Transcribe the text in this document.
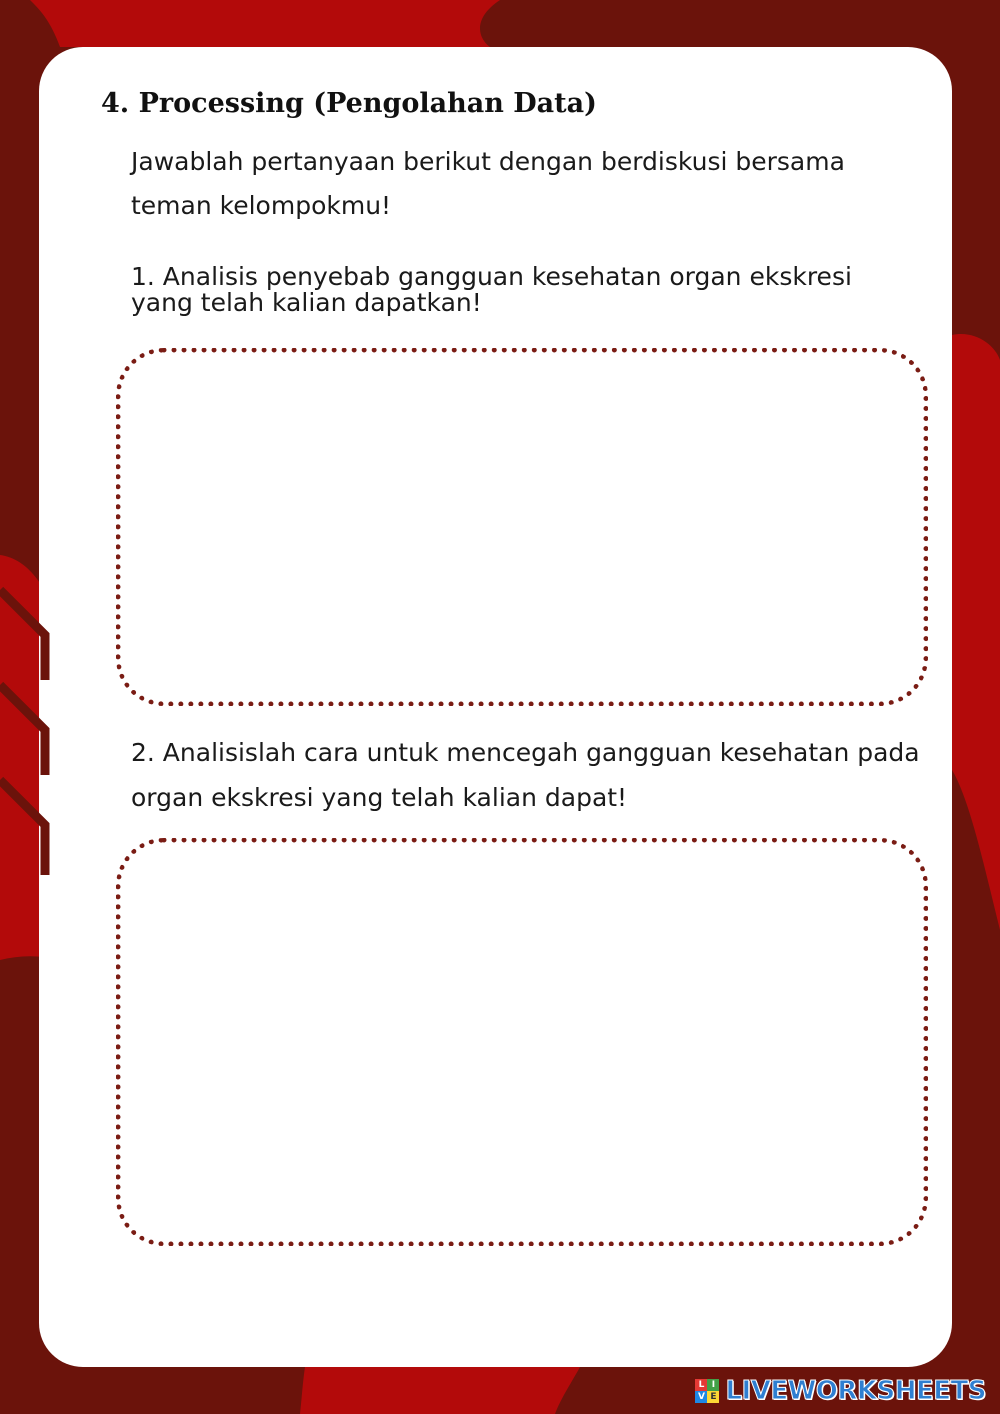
4. Processing (Pengolahan Data)

Jawablah pertanyaan berikut dengan berdiskusi bersama teman kelompokmu!

1. Analisis penyebab gangguan kesehatan organ ekskresi yang telah kalian dapatkan!

2. Analisislah cara untuk mencegah gangguan kesehatan pada organ ekskresi yang telah kalian dapat!

L I
V E LIVEWORKSHEETS
